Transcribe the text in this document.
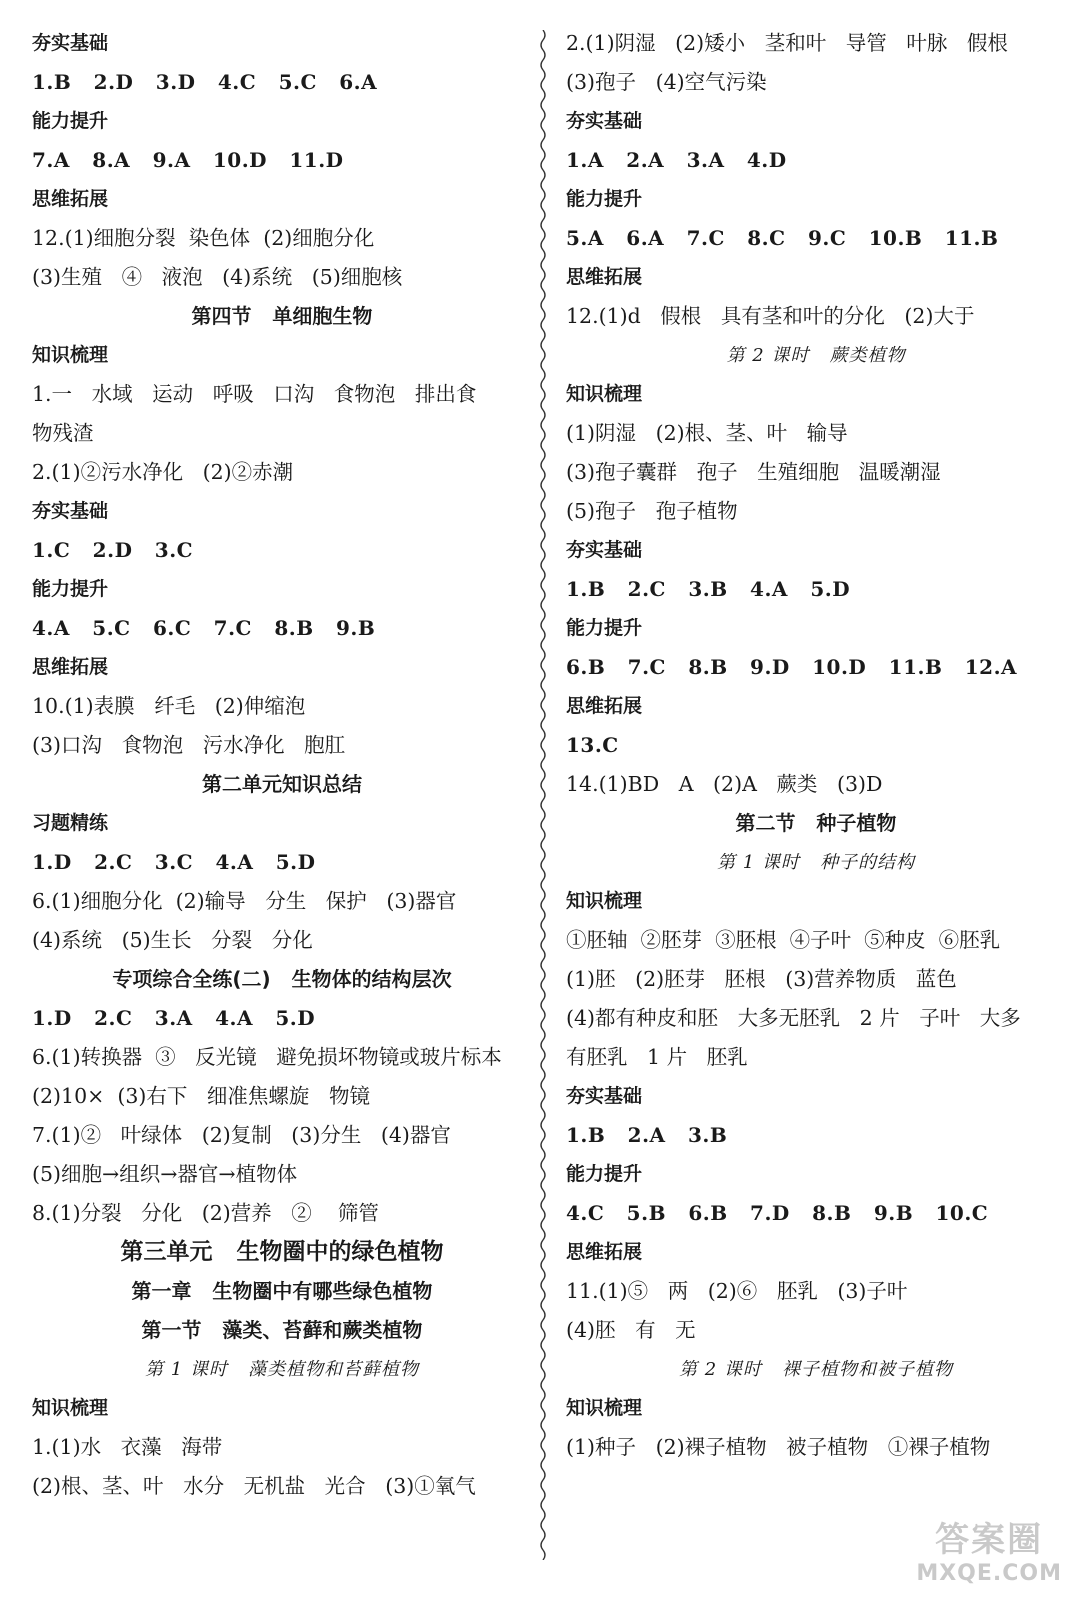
夯实基础
1.B   2.D   3.D   4.C   5.C   6.A
能力提升
7.A   8.A   9.A   10.D   11.D
思维拓展
12.(1)细胞分裂  染色体  (2)细胞分化
(3)生殖   ④   液泡   (4)系统   (5)细胞核
第四节   单细胞生物
知识梳理
1.一   水域   运动   呼吸   口沟   食物泡   排出食
物残渣
2.(1)②污水净化   (2)②赤潮
夯实基础
1.C   2.D   3.C
能力提升
4.A   5.C   6.C   7.C   8.B   9.B
思维拓展
10.(1)表膜   纤毛   (2)伸缩泡
(3)口沟   食物泡   污水净化   胞肛
第二单元知识总结
习题精练
1.D   2.C   3.C   4.A   5.D
6.(1)细胞分化  (2)输导   分生   保护   (3)器官
(4)系统   (5)生长   分裂   分化
专项综合全练(二)   生物体的结构层次
1.D   2.C   3.A   4.A   5.D
6.(1)转换器  ③   反光镜   避免损坏物镜或玻片标本
(2)10×  (3)右下   细准焦螺旋   物镜
7.(1)②   叶绿体   (2)复制   (3)分生   (4)器官
(5)细胞→组织→器官→植物体
8.(1)分裂   分化   (2)营养   ②    筛管
第三单元   生物圈中的绿色植物
第一章   生物圈中有哪些绿色植物
第一节   藻类、苔藓和蕨类植物
第 1 课时   藻类植物和苔藓植物
知识梳理
1.(1)水   衣藻   海带
(2)根、茎、叶   水分   无机盐   光合   (3)①氧气
2.(1)阴湿   (2)矮小   茎和叶   导管   叶脉   假根
(3)孢子   (4)空气污染
夯实基础
1.A   2.A   3.A   4.D
能力提升
5.A   6.A   7.C   8.C   9.C   10.B   11.B
思维拓展
12.(1)d   假根   具有茎和叶的分化   (2)大于
第 2 课时   蕨类植物
知识梳理
(1)阴湿   (2)根、茎、叶   输导
(3)孢子囊群   孢子   生殖细胞   温暖潮湿
(5)孢子   孢子植物
夯实基础
1.B   2.C   3.B   4.A   5.D
能力提升
6.B   7.C   8.B   9.D   10.D   11.B   12.A
思维拓展
13.C
14.(1)BD   A   (2)A   蕨类   (3)D
第二节   种子植物
第 1 课时   种子的结构
知识梳理
①胚轴  ②胚芽  ③胚根  ④子叶  ⑤种皮  ⑥胚乳
(1)胚   (2)胚芽   胚根   (3)营养物质   蓝色
(4)都有种皮和胚   大多无胚乳   2 片   子叶   大多
有胚乳   1 片   胚乳
夯实基础
1.B   2.A   3.B
能力提升
4.C   5.B   6.B   7.D   8.B   9.B   10.C
思维拓展
11.(1)⑤   两   (2)⑥   胚乳   (3)子叶
(4)胚   有   无
第 2 课时   裸子植物和被子植物
知识梳理
(1)种子   (2)裸子植物   被子植物   ①裸子植物
答案圈
MXQE.COM
